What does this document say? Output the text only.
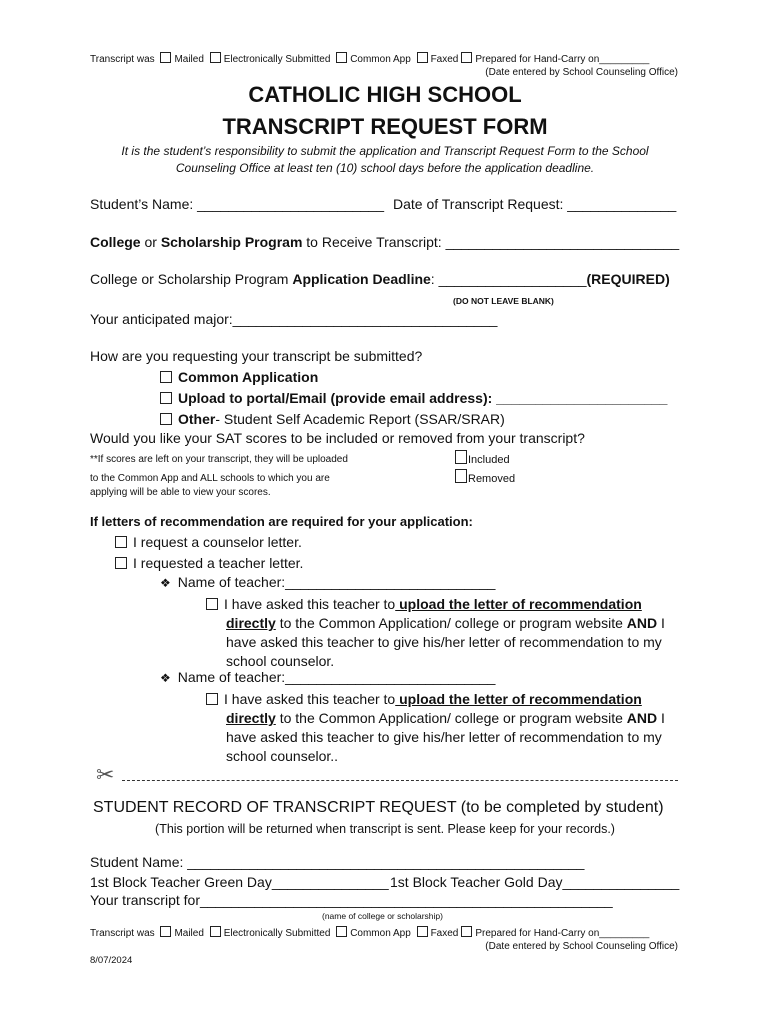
Transcript was Mailed Electronically Submitted Common App Faxed Prepared for Hand-Carry on_________
(Date entered by School Counseling Office)
CATHOLIC HIGH SCHOOL
TRANSCRIPT REQUEST FORM
It is the student’s responsibility to submit the application and Transcript Request Form to the School
Counseling Office at least ten (10) school days before the application deadline.
Student’s Name: ________________________ Date of Transcript Request: ______________
College or Scholarship Program to Receive Transcript: ______________________________
College or Scholarship Program Application Deadline: ___________________(REQUIRED)
(DO NOT LEAVE BLANK)
Your anticipated major:__________________________________
How are you requesting your transcript be submitted?
Common Application
Upload to portal/Email (provide email address): ______________________
Other- Student Self Academic Report (SSAR/SRAR)
Would you like your SAT scores to be included or removed from your transcript?
**If scores are left on your transcript, they will be uploaded
to the Common App and ALL schools to which you are
applying will be able to view your scores.
Included
Removed
If letters of recommendation are required for your application:
I request a counselor letter.
I requested a teacher letter.
❖ Name of teacher:___________________________
I have asked this teacher to upload the letter of recommendation
directly to the Common Application/ college or program website AND I
have asked this teacher to give his/her letter of recommendation to my
school counselor.
❖ Name of teacher:___________________________
I have asked this teacher to upload the letter of recommendation
directly to the Common Application/ college or program website AND I
have asked this teacher to give his/her letter of recommendation to my
school counselor..
✂
STUDENT RECORD OF TRANSCRIPT REQUEST (to be completed by student)
(This portion will be returned when transcript is sent. Please keep for your records.)
Student Name: ___________________________________________________
1st Block Teacher Green Day_______________ 1st Block Teacher Gold Day_______________
Your transcript for_____________________________________________________
(name of college or scholarship)
Transcript was Mailed Electronically Submitted Common App Faxed Prepared for Hand-Carry on_________
(Date entered by School Counseling Office)
8/07/2024
